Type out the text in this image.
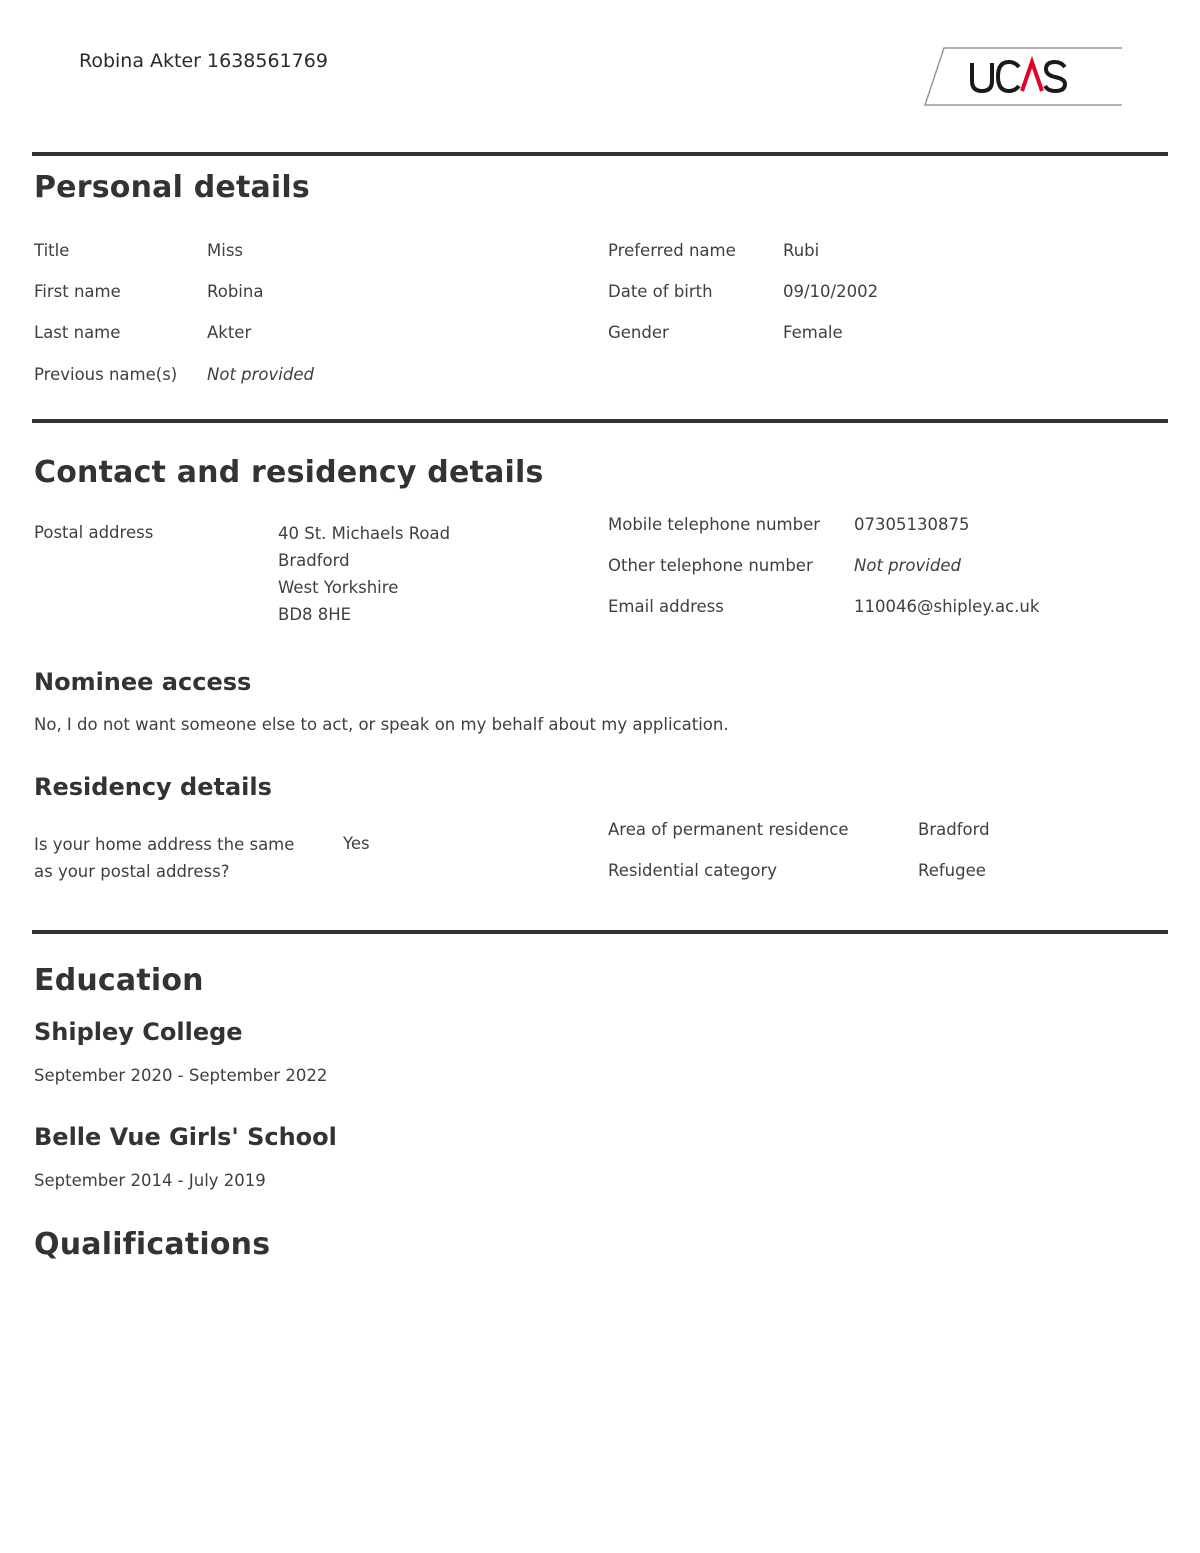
Robina Akter 1638561769
Personal details
Title	Miss
First name	Robina
Last name	Akter
Previous name(s) Not provided
Preferred name	Rubi
Date of birth	09/10/2002
Gender	Female
Contact and residency details
Postal address	40 St. Michaels Road
Bradford
West Yorkshire
BD8 8HE
Mobile telephone number 07305130875
Other telephone number	Not provided
Email address	110046@shipley.ac.uk
Nominee access
No, I do not want someone else to act, or speak on my behalf about my application.
Residency details
Is your home address the same
as your postal address?
Yes
Area of permanent residence	Bradford
Residential category	Refugee
Education
Shipley College
September 2020 - September 2022
Belle Vue Girls' School
September 2014 - July 2019
Qualifications
